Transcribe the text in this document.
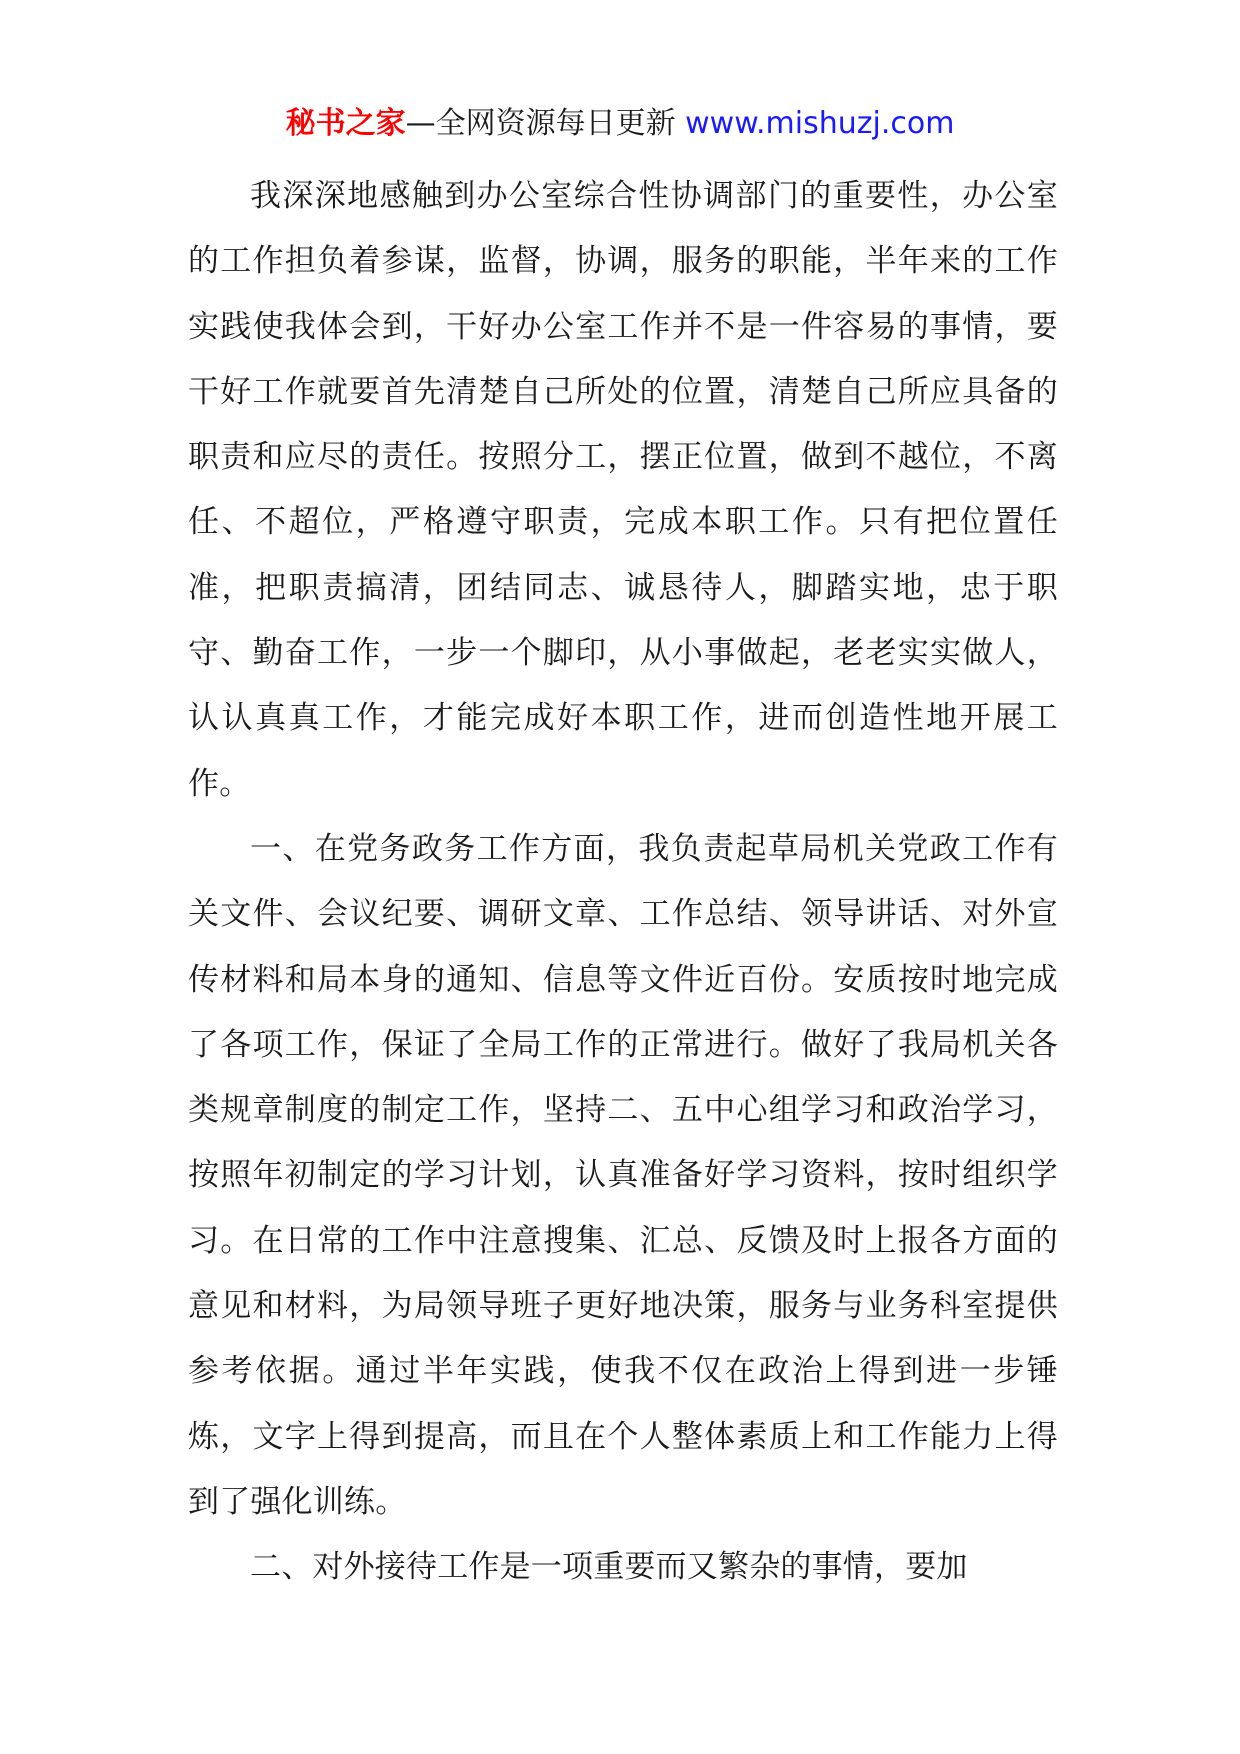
秘书之家—全网资源每日更新 www.mishuzj.com

我深深地感触到办公室综合性协调部门的重要性，办公室的工作担负着参谋，监督，协调，服务的职能，半年来的工作实践使我体会到，干好办公室工作并不是一件容易的事情，要干好工作就要首先清楚自己所处的位置，清楚自己所应具备的职责和应尽的责任。按照分工，摆正位置，做到不越位，不离任、不超位，严格遵守职责，完成本职工作。只有把位置任准，把职责搞清，团结同志、诚恳待人，脚踏实地，忠于职守、勤奋工作，一步一个脚印，从小事做起，老老实实做人，认认真真工作，才能完成好本职工作，进而创造性地开展工作。

一、在党务政务工作方面，我负责起草局机关党政工作有关文件、会议纪要、调研文章、工作总结、领导讲话、对外宣传材料和局本身的通知、信息等文件近百份。安质按时地完成了各项工作，保证了全局工作的正常进行。做好了我局机关各类规章制度的制定工作，坚持二、五中心组学习和政治学习，按照年初制定的学习计划，认真准备好学习资料，按时组织学习。在日常的工作中注意搜集、汇总、反馈及时上报各方面的意见和材料，为局领导班子更好地决策，服务与业务科室提供参考依据。通过半年实践，使我不仅在政治上得到进一步锤炼，文字上得到提高，而且在个人整体素质上和工作能力上得到了强化训练。

二、对外接待工作是一项重要而又繁杂的事情，要加
